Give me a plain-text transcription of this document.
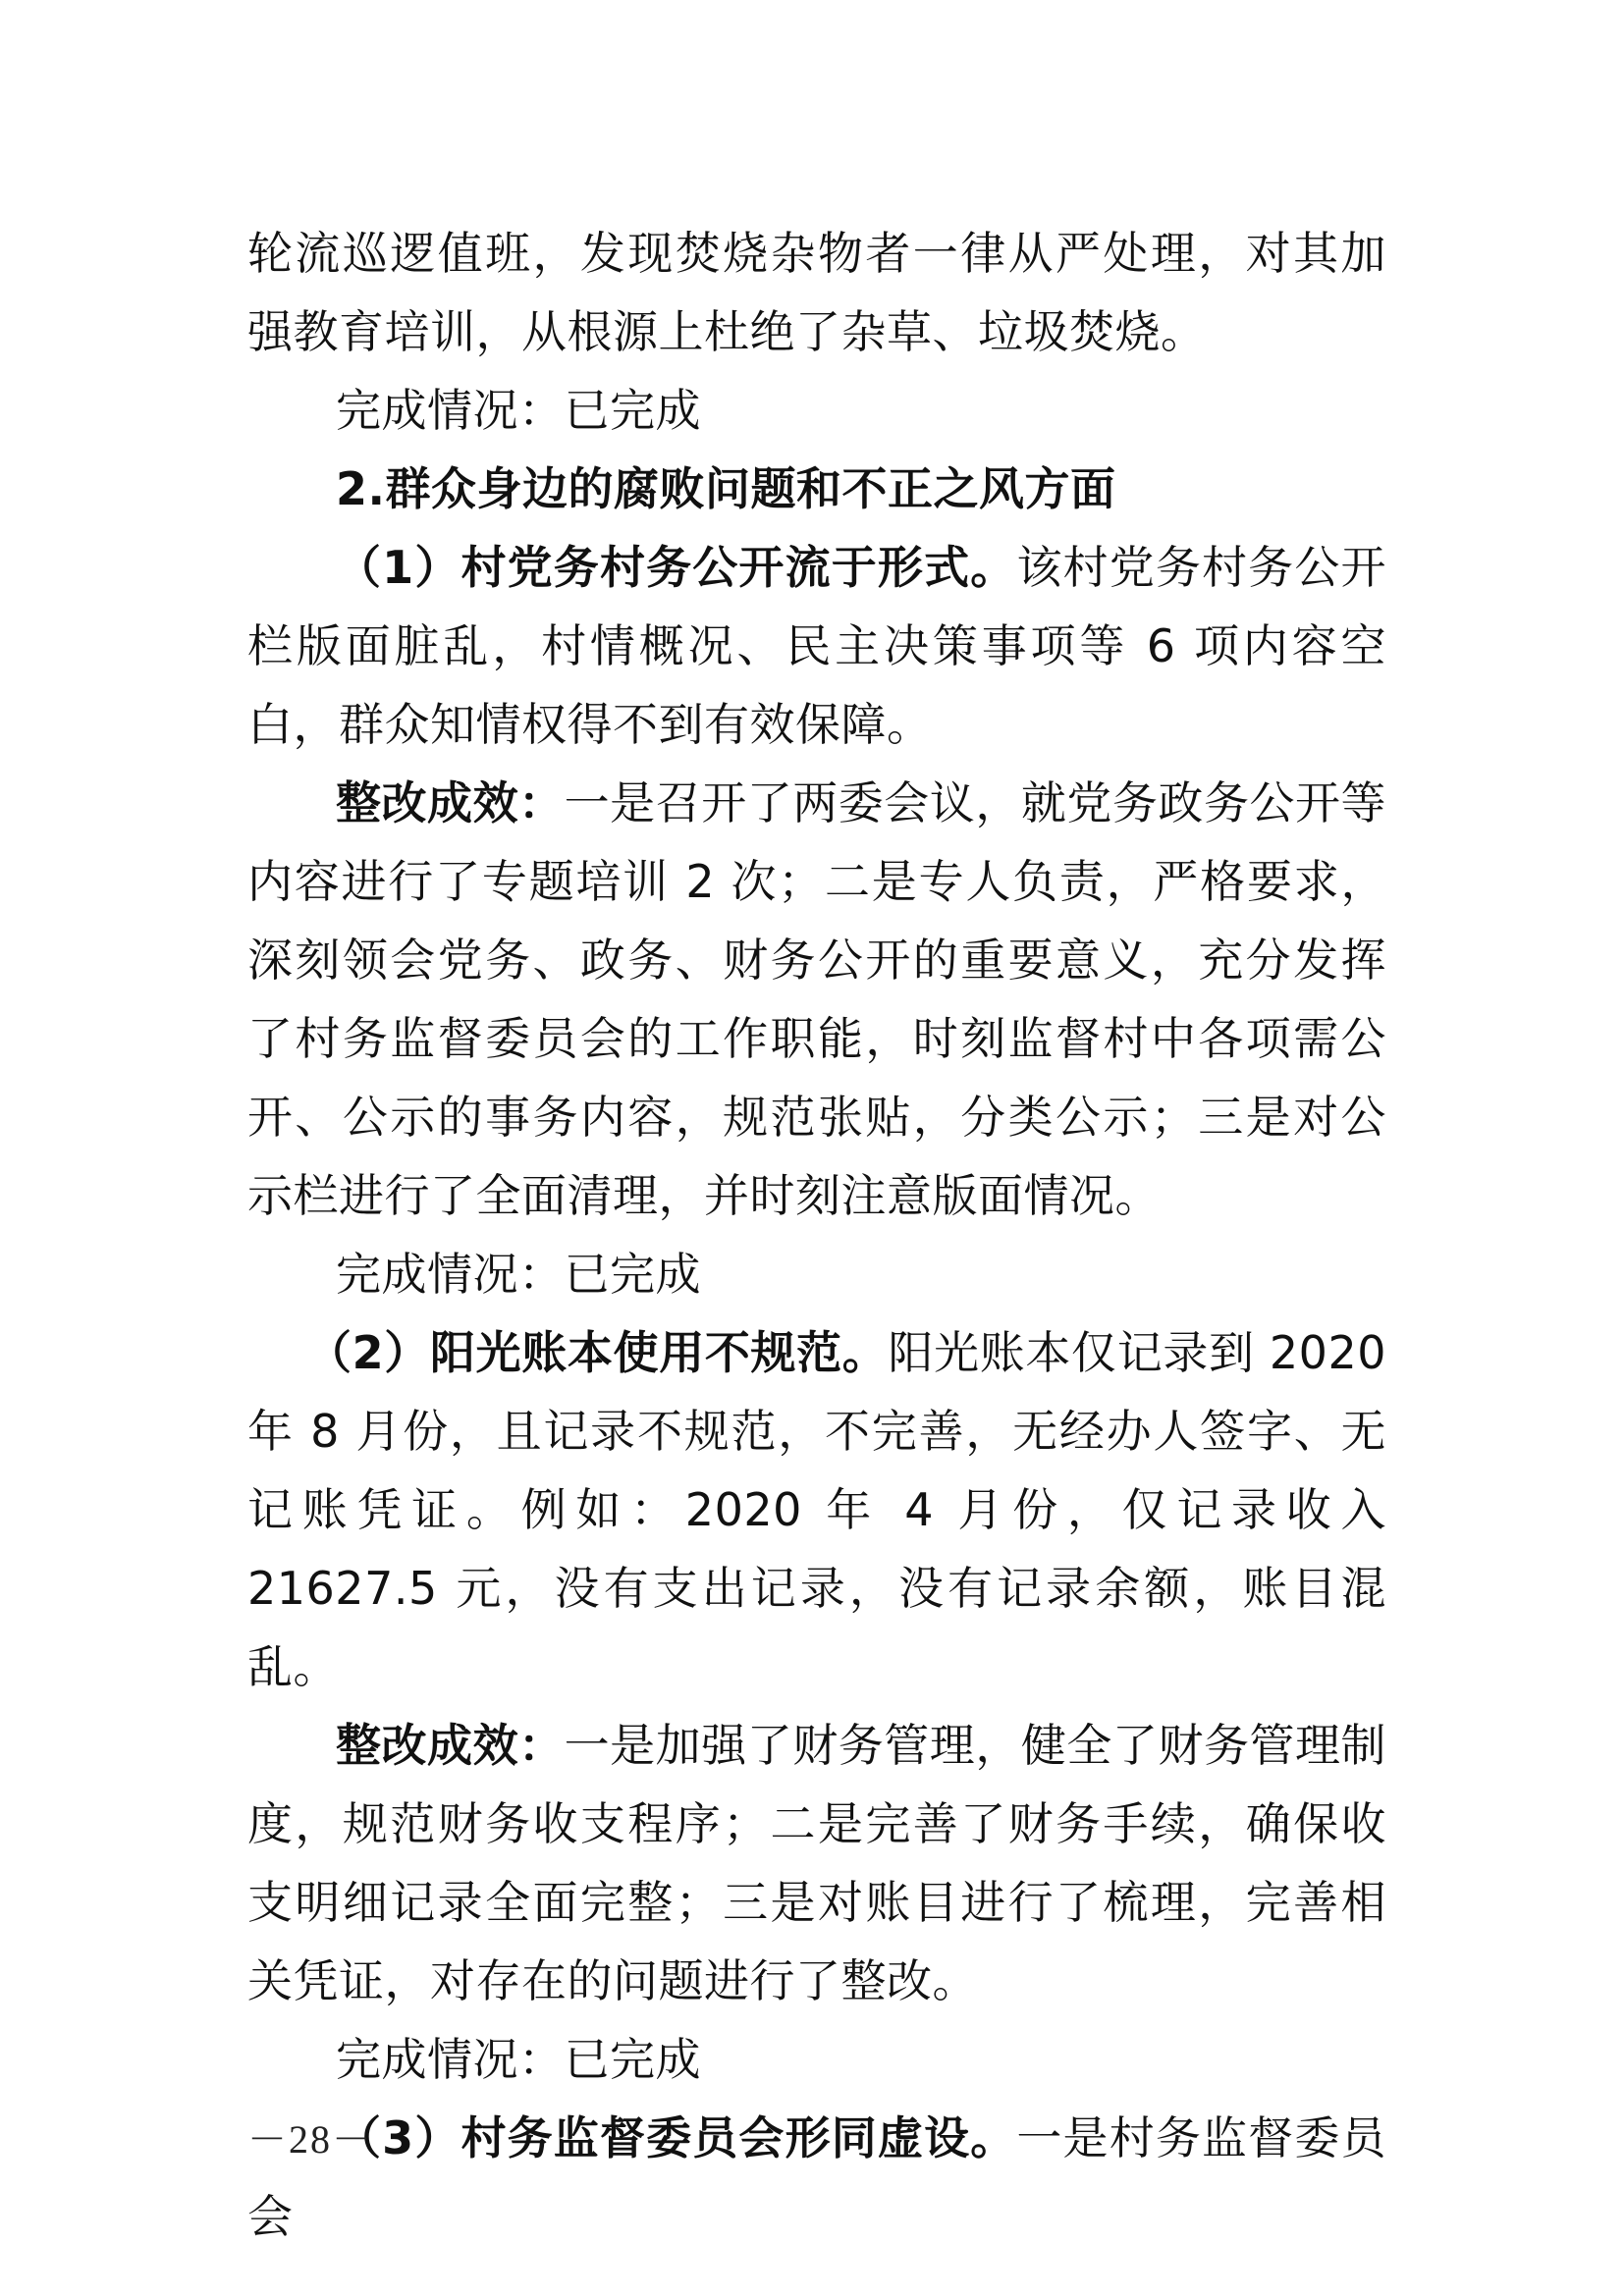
轮流巡逻值班，发现焚烧杂物者一律从严处理，对其加强教育培训，从根源上杜绝了杂草、垃圾焚烧。

完成情况：已完成

2.群众身边的腐败问题和不正之风方面

（1）村党务村务公开流于形式。该村党务村务公开栏版面脏乱，村情概况、民主决策事项等 6 项内容空白，群众知情权得不到有效保障。

整改成效：一是召开了两委会议，就党务政务公开等内容进行了专题培训 2 次；二是专人负责，严格要求，深刻领会党务、政务、财务公开的重要意义，充分发挥了村务监督委员会的工作职能，时刻监督村中各项需公开、公示的事务内容，规范张贴，分类公示；三是对公示栏进行了全面清理，并时刻注意版面情况。

完成情况：已完成

（2）阳光账本使用不规范。阳光账本仅记录到 2020 年 8 月份，且记录不规范，不完善，无经办人签字、无记账凭证。例如：2020 年 4 月份，仅记录收入 21627.5 元，没有支出记录，没有记录余额，账目混乱。

整改成效：一是加强了财务管理，健全了财务管理制度，规范财务收支程序；二是完善了财务手续，确保收支明细记录全面完整；三是对账目进行了梳理，完善相关凭证，对存在的问题进行了整改。

完成情况：已完成

（3）村务监督委员会形同虚设。一是村务监督委员会

－28－
